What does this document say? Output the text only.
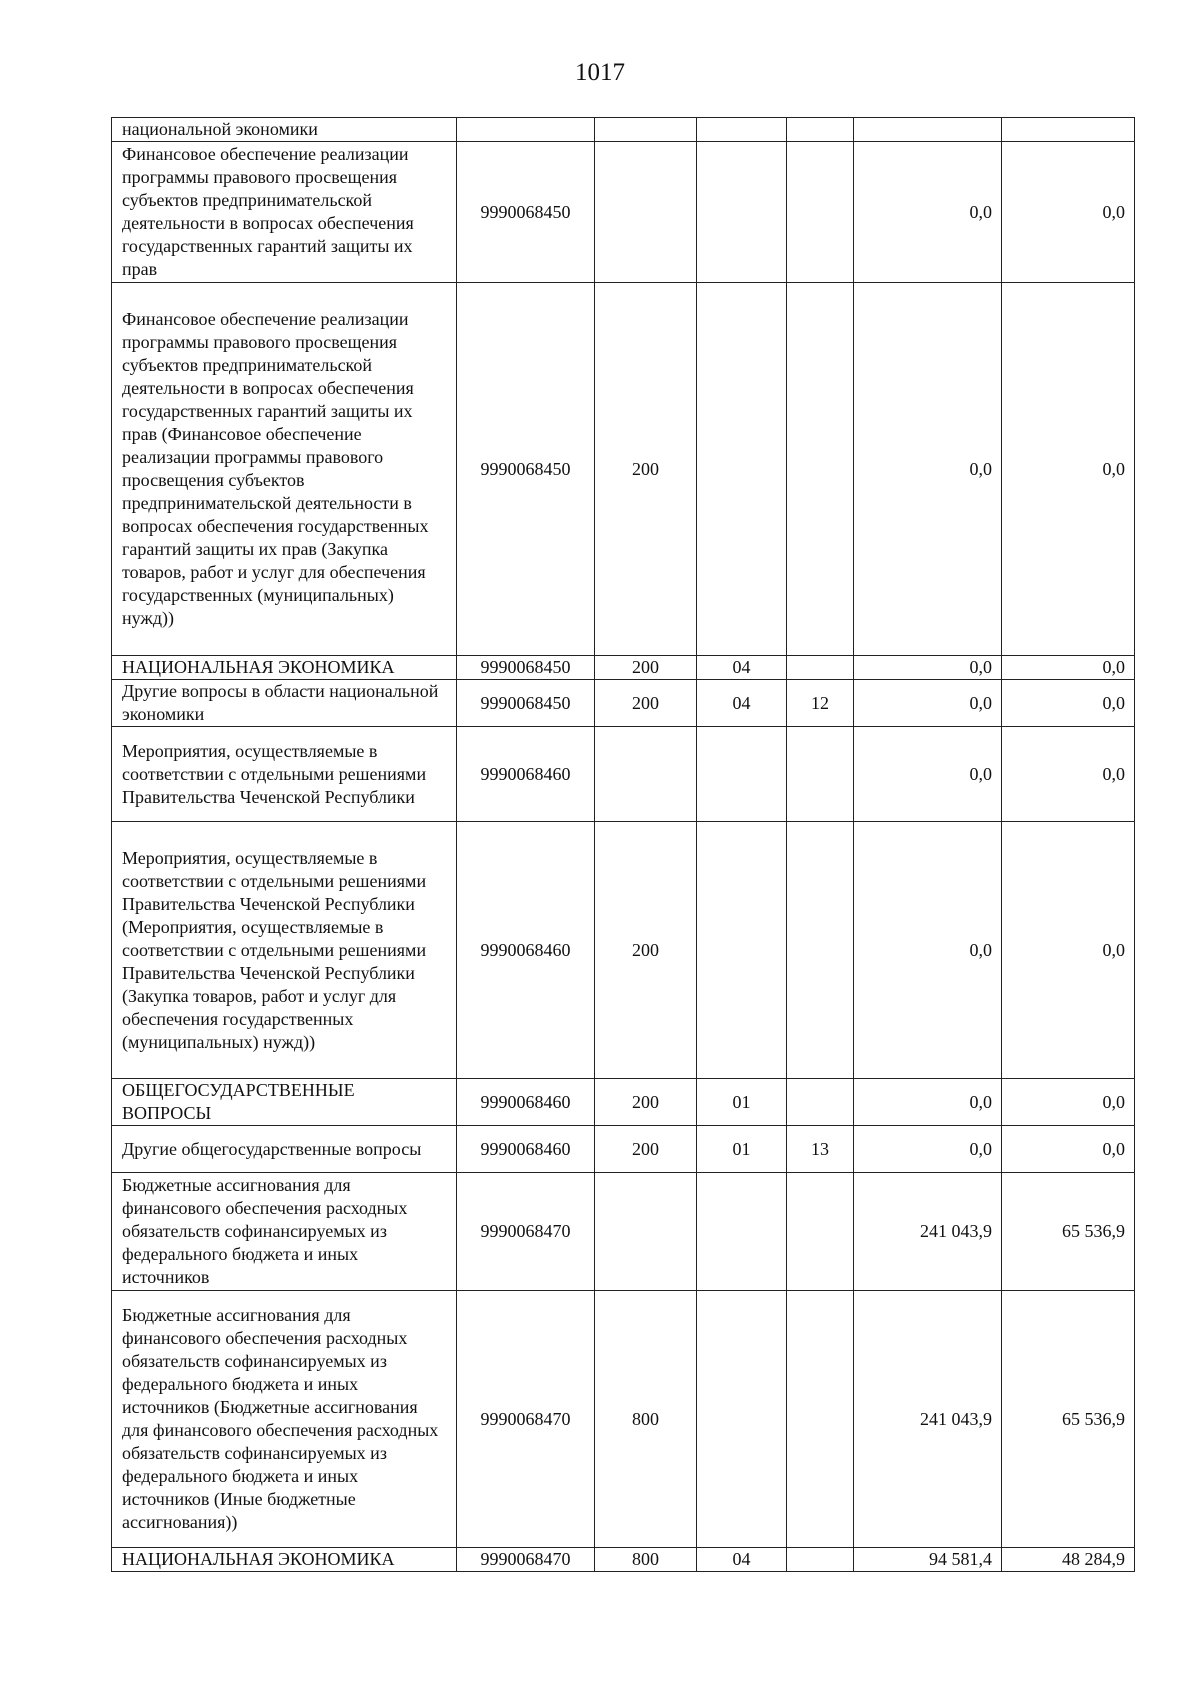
1017
национальной экономики						
Финансовое обеспечение реализации программы правового просвещения субъектов предпринимательской деятельности в вопросах обеспечения государственных гарантий защиты их прав	9990068450				0,0	0,0
Финансовое обеспечение реализации программы правового просвещения субъектов предпринимательской деятельности в вопросах обеспечения государственных гарантий защиты их прав (Финансовое обеспечение реализации программы правового просвещения субъектов предпринимательской деятельности в вопросах обеспечения государственных гарантий защиты их прав (Закупка товаров, работ и услуг для обеспечения государственных (муниципальных) нужд))	9990068450	200			0,0	0,0
НАЦИОНАЛЬНАЯ ЭКОНОМИКА	9990068450	200	04		0,0	0,0
Другие вопросы в области национальной экономики	9990068450	200	04	12	0,0	0,0
Мероприятия, осуществляемые в соответствии с отдельными решениями Правительства Чеченской Республики	9990068460				0,0	0,0
Мероприятия, осуществляемые в соответствии с отдельными решениями Правительства Чеченской Республики (Мероприятия, осуществляемые в соответствии с отдельными решениями Правительства Чеченской Республики (Закупка товаров, работ и услуг для обеспечения государственных (муниципальных) нужд))	9990068460	200			0,0	0,0
ОБЩЕГОСУДАРСТВЕННЫЕ ВОПРОСЫ	9990068460	200	01		0,0	0,0
Другие общегосударственные вопросы	9990068460	200	01	13	0,0	0,0
Бюджетные ассигнования для финансового обеспечения расходных обязательств софинансируемых из федерального бюджета и иных источников	9990068470				241 043,9	65 536,9
Бюджетные ассигнования для финансового обеспечения расходных обязательств софинансируемых из федерального бюджета и иных источников (Бюджетные ассигнования для финансового обеспечения расходных обязательств софинансируемых из федерального бюджета и иных источников (Иные бюджетные ассигнования))	9990068470	800			241 043,9	65 536,9
НАЦИОНАЛЬНАЯ ЭКОНОМИКА	9990068470	800	04		94 581,4	48 284,9
